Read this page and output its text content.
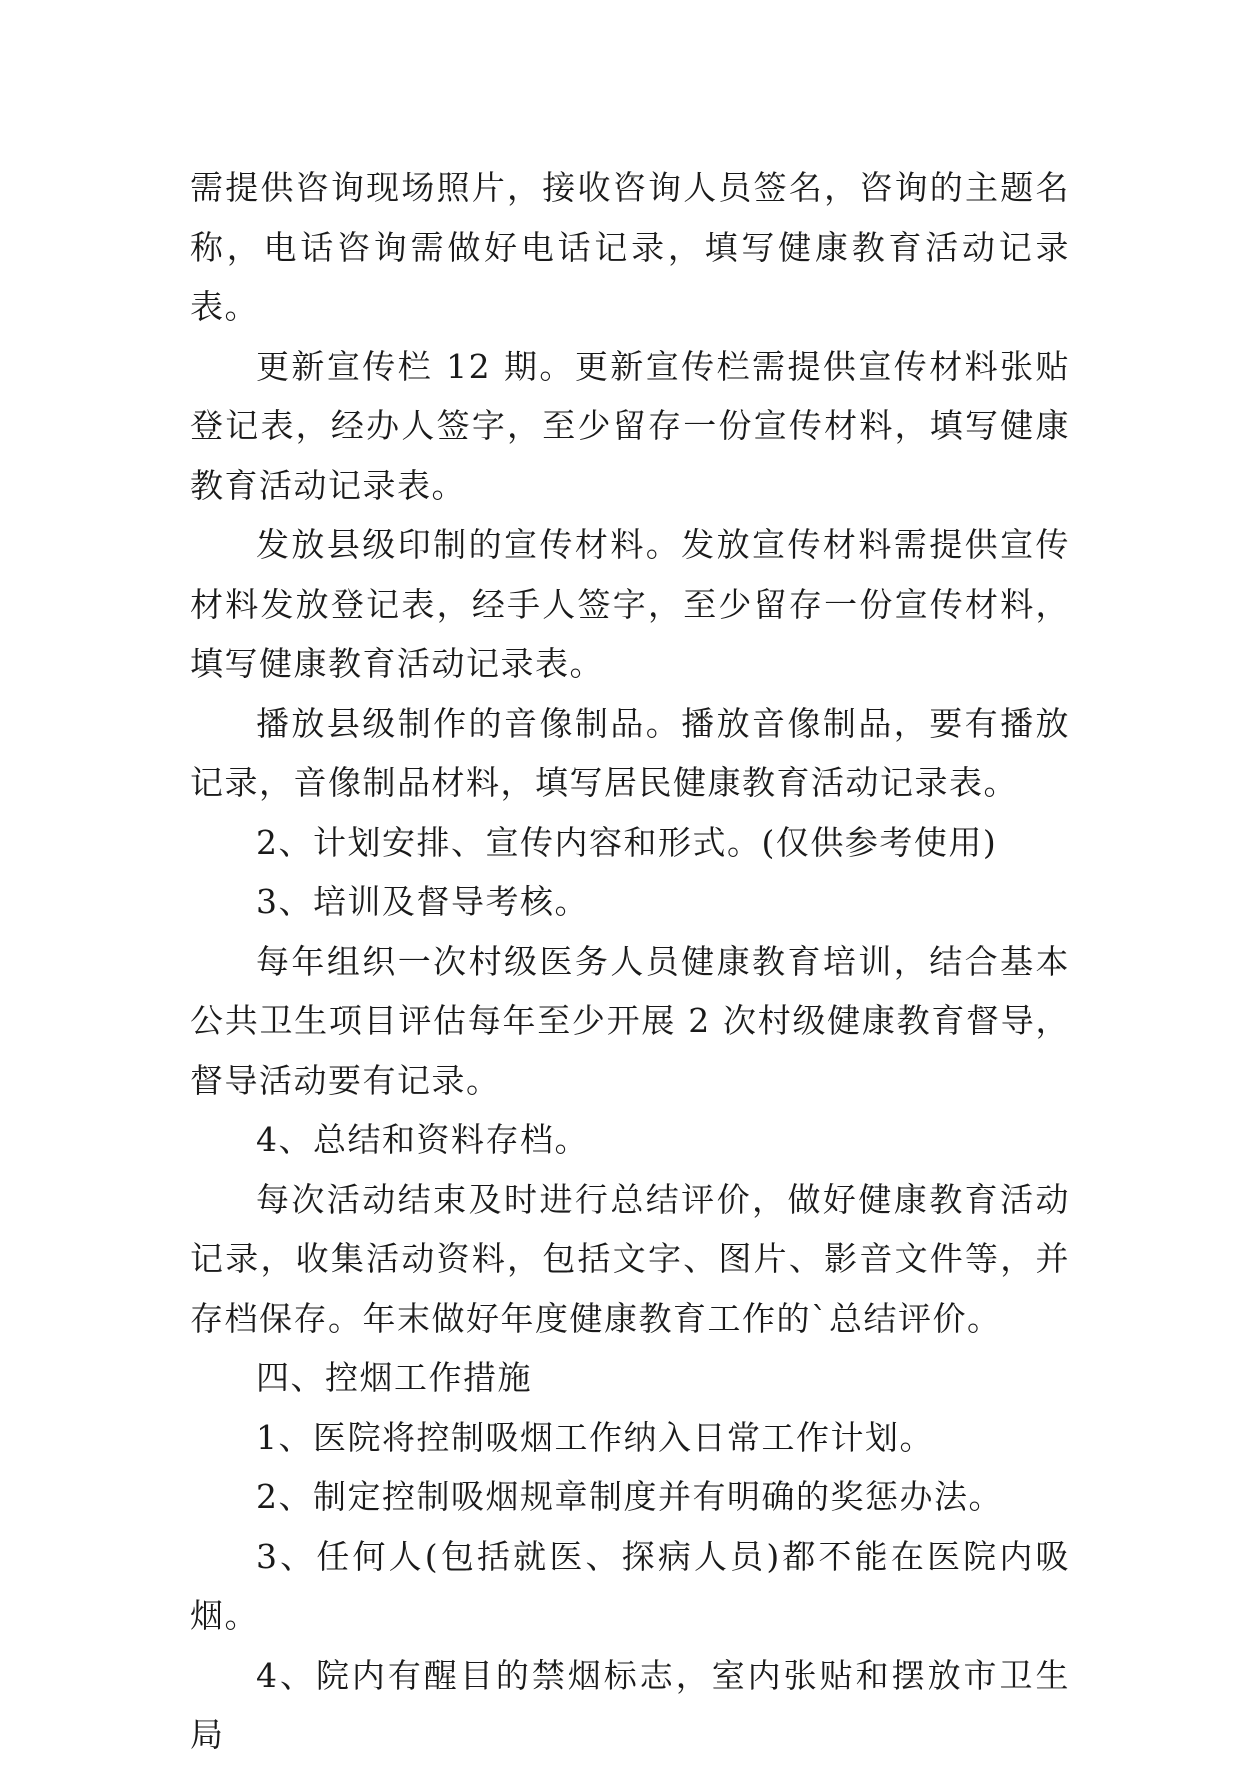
需提供咨询现场照片，接收咨询人员签名，咨询的主题名称，电话咨询需做好电话记录，填写健康教育活动记录表。

更新宣传栏 12 期。更新宣传栏需提供宣传材料张贴登记表，经办人签字，至少留存一份宣传材料，填写健康教育活动记录表。

发放县级印制的宣传材料。发放宣传材料需提供宣传材料发放登记表，经手人签字，至少留存一份宣传材料，填写健康教育活动记录表。

播放县级制作的音像制品。播放音像制品，要有播放记录，音像制品材料，填写居民健康教育活动记录表。

2、计划安排、宣传内容和形式。(仅供参考使用)

3、培训及督导考核。

每年组织一次村级医务人员健康教育培训，结合基本公共卫生项目评估每年至少开展 2 次村级健康教育督导，督导活动要有记录。

4、总结和资料存档。

每次活动结束及时进行总结评价，做好健康教育活动记录，收集活动资料，包括文字、图片、影音文件等，并存档保存。年末做好年度健康教育工作的`总结评价。

四、控烟工作措施

1、医院将控制吸烟工作纳入日常工作计划。

2、制定控制吸烟规章制度并有明确的奖惩办法。

3、任何人(包括就医、探病人员)都不能在医院内吸烟。

4、院内有醒目的禁烟标志，室内张贴和摆放市卫生局
